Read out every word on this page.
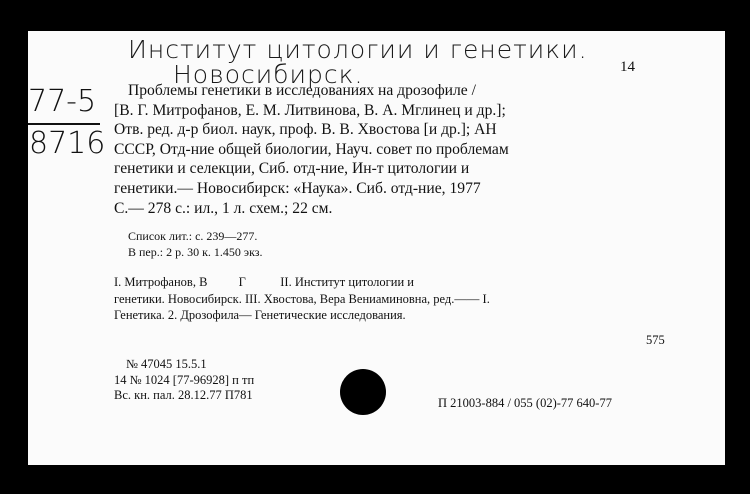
Институт цитологии и генетики.
Новосибирск.
77-5
8716
14
Проблемы генетики в исследованиях на дрозофиле /
[В. Г. Митрофанов, Е. М. Литвинова, В. А. Мглинец и др.];
Отв. ред. д-р биол. наук, проф. В. В. Хвостова [и др.]; АН
СССР, Отд-ние общей биологии, Науч. совет по проблемам
генетики и селекции, Сиб. отд-ние, Ин-т цитологии и
генетики.— Новосибирск: «Наука». Сиб. отд-ние, 1977
С.— 278 с.: ил., 1 л. схем.; 22 см.
Список лит.: с. 239—277.
В пер.: 2 р. 30 к. 1.450 экз.
I. Митрофанов, В          Г           II. Институт цитологии и
генетики. Новосибирск. III. Хвостова, Вера Вениаминовна, ред.—— I.
Генетика. 2. Дрозофила— Генетические исследования.
575
№ 47045 15.5.1
14 № 1024 [77-96928] п тп
Вс. кн. пал. 28.12.77 П781
П 21003-884 / 055 (02)-77 640-77
